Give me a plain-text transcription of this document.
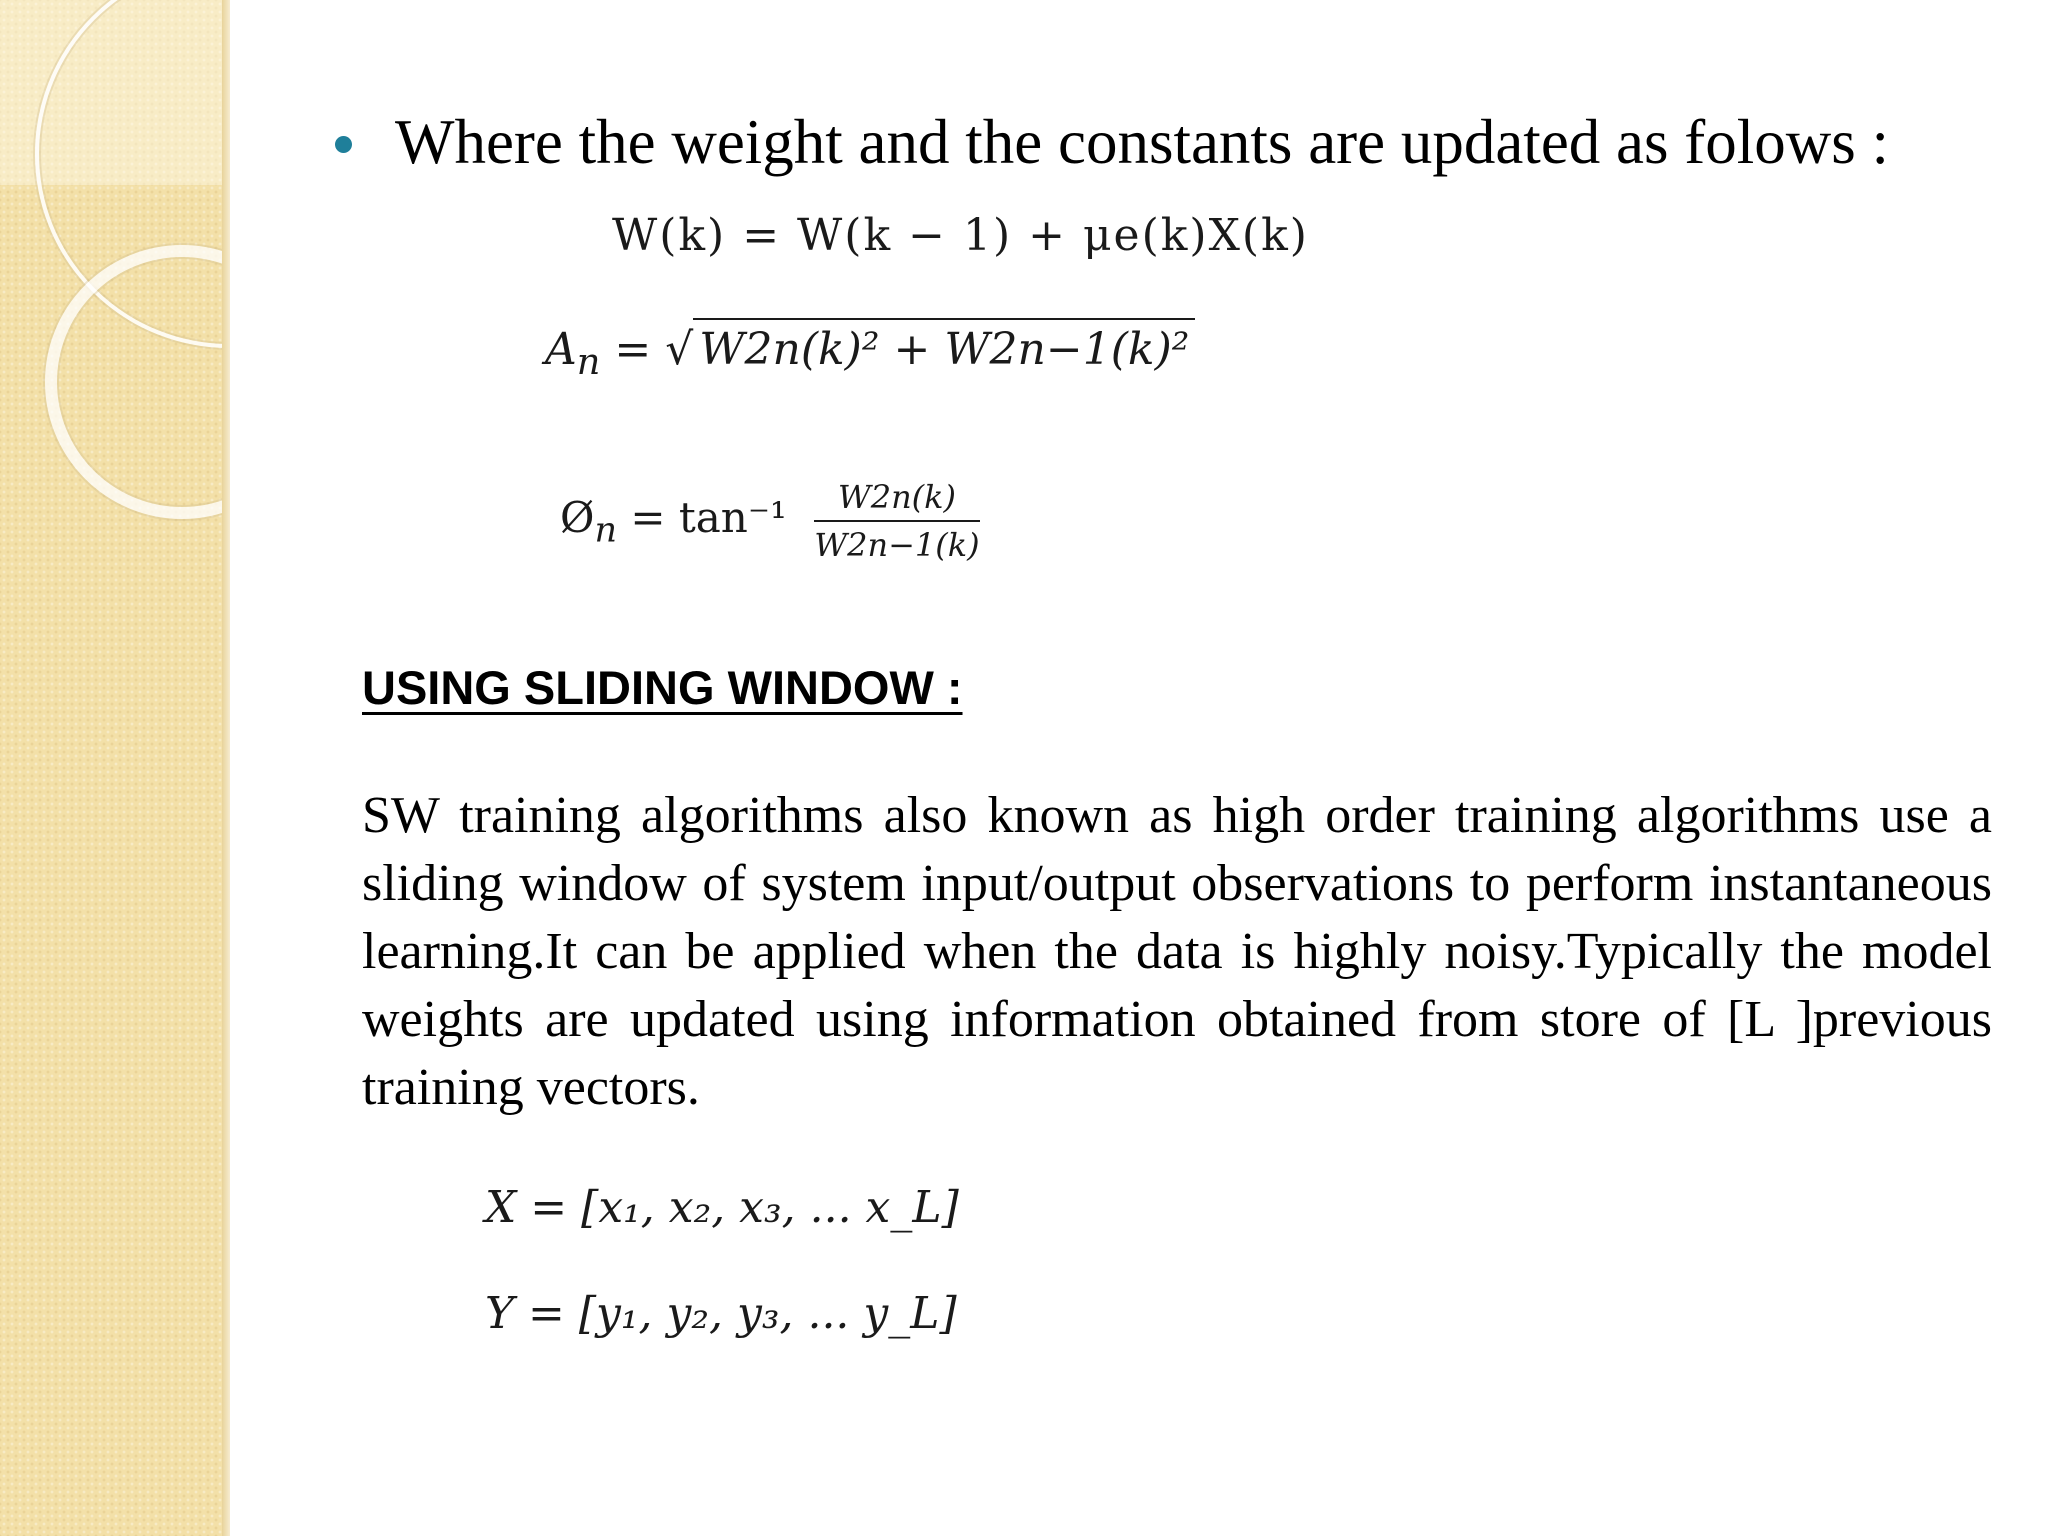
Where the weight and the constants are updated as folows :

W(k) = W(k − 1) + μe(k)X(k)

$A_n$ = √ W2n(k)² + W2n−1(k)²

$Ø_n = \tan^{-1} \frac{W2n(k)}{W2n-1(k)}$

USING SLIDING WINDOW :

SW training algorithms also known as high order training algorithms use a sliding window of system input/output observations to perform instantaneous learning.It can be applied when the data is highly noisy.Typically the model weights are updated using information obtained from store of [L ]previous training vectors.

X = [x₁, x₂, x₃, ... x_L]

Y = [y₁, y₂, y₃, ... y_L]
